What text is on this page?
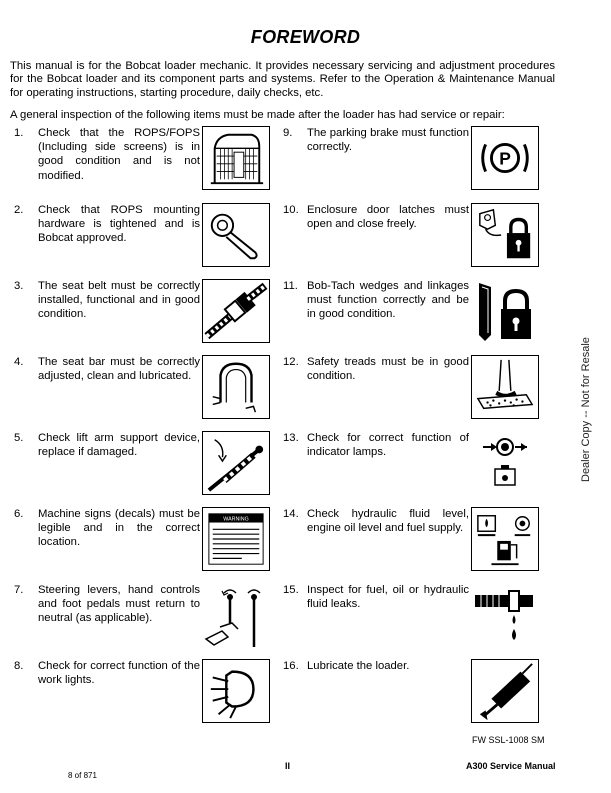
FOREWORD
This manual is for the Bobcat loader mechanic. It provides necessary servicing and adjustment procedures for the Bobcat loader and its component parts and systems. Refer to the Operation & Maintenance Manual for operating instructions, starting procedure, daily checks, etc.
A general inspection of the following items must be made after the loader has had service or repair:
1. Check that the ROPS/FOPS (Including side screens) is in good condition and is not modified.
2. Check that ROPS mounting hardware is tightened and is Bobcat approved.
3. The seat belt must be correctly installed, functional and in good condition.
4. The seat bar must be correctly adjusted, clean and lubricated.
5. Check lift arm support device, replace if damaged.
6. Machine signs (decals) must be legible and in the correct location.
WARNING
7. Steering levers, hand controls and foot pedals must return to neutral (as applicable).
8. Check for correct function of the work lights.
9. The parking brake must function correctly.
P
10. Enclosure door latches must open and close freely.
11. Bob-Tach wedges and linkages must function correctly and be in good condition.
12. Safety treads must be in good condition.
13. Check for correct function of indicator lamps.
14. Check hydraulic fluid level, engine oil level and fuel supply.
15. Inspect for fuel, oil or hydraulic fluid leaks.
16. Lubricate the loader.
Dealer Copy -- Not for Resale
FW SSL-1008 SM
8 of 871
II	A300 Service Manual
